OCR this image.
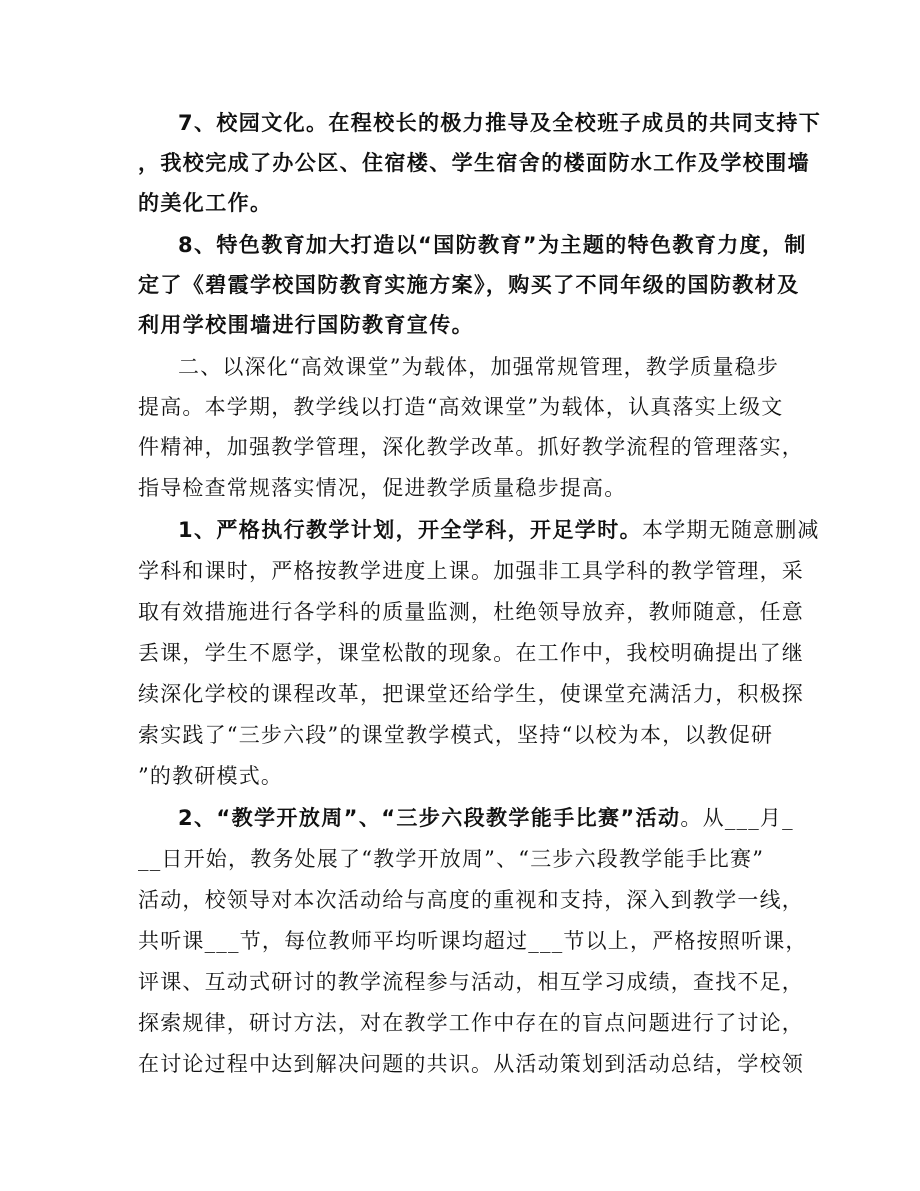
7、校园文化。在程校长的极力推导及全校班子成员的共同支持下
，我校完成了办公区、住宿楼、学生宿舍的楼面防水工作及学校围墙
的美化工作。
8、特色教育加大打造以“国防教育”为主题的特色教育力度，制
定了《碧霞学校国防教育实施方案》，购买了不同年级的国防教材及
利用学校围墙进行国防教育宣传。
二、以深化“高效课堂”为载体，加强常规管理，教学质量稳步
提高。本学期，教学线以打造“高效课堂”为载体，认真落实上级文
件精神，加强教学管理，深化教学改革。抓好教学流程的管理落实，
指导检查常规落实情况，促进教学质量稳步提高。
1、严格执行教学计划，开全学科，开足学时。本学期无随意删减
学科和课时，严格按教学进度上课。加强非工具学科的教学管理，采
取有效措施进行各学科的质量监测，杜绝领导放弃，教师随意，任意
丢课，学生不愿学，课堂松散的现象。在工作中，我校明确提出了继
续深化学校的课程改革，把课堂还给学生，使课堂充满活力，积极探
索实践了“三步六段”的课堂教学模式，坚持“以校为本，以教促研
”的教研模式。
2、“教学开放周”、“三步六段教学能手比赛”活动。从___月_
__日开始，教务处展了“教学开放周”、“三步六段教学能手比赛”
活动，校领导对本次活动给与高度的重视和支持，深入到教学一线，
共听课___节，每位教师平均听课均超过___节以上，严格按照听课，
评课、互动式研讨的教学流程参与活动，相互学习成绩，查找不足，
探索规律，研讨方法，对在教学工作中存在的盲点问题进行了讨论，
在讨论过程中达到解决问题的共识。从活动策划到活动总结，学校领
